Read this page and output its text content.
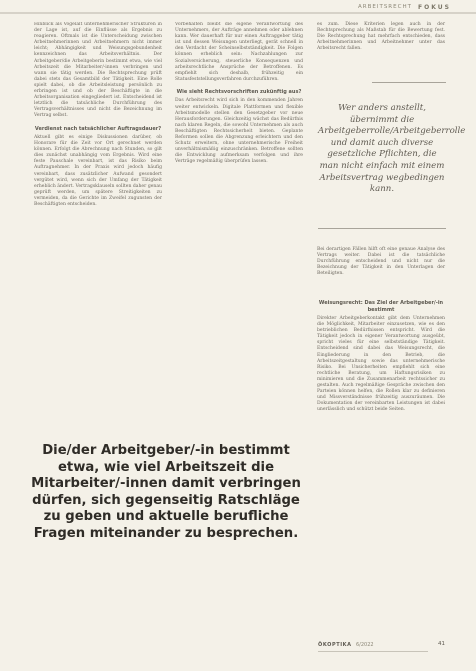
ARBEITSRECHT FOKUS

Hinblick als Vogelalt unternehmerischer Strukturen in der Lage ist, auf die Einflüsse als Ergebnis zu reagieren. Oftmals ist die Unterscheidung zwischen Arbeitnehmerinnen und Arbeitnehmern nicht immer leicht; Abhängigkeit und Weisungsgebundenheit kennzeichnen das Arbeitsverhältnis. Der Arbeitgeber/die Arbeitgeberin bestimmt etwa, wie viel Arbeitszeit die Mitarbeiter/-innen verbringen und wann sie tätig werden. Die Rechtsprechung prüft dabei stets das Gesamtbild der Tätigkeit. Eine Rolle spielt dabei, ob die Arbeitsleistung persönlich zu erbringen ist und ob der Beschäftigte in die Arbeitsorganisation eingegliedert ist. Entscheidend ist letztlich die tatsächliche Durchführung des Vertragsverhältnisses und nicht die Bezeichnung im Vertrag selbst.

Verdienst nach tatsächlicher Auftragsdauer?

Aktuell gibt es einige Diskussionen darüber, ob Honorare für die Zeit vor Ort gerechnet werden können. Erfolgt die Abrechnung nach Stunden, so gilt dies zunächst unabhängig vom Ergebnis. Wird eine feste Pauschale vereinbart, ist das Risiko beim Auftragnehmer. In der Praxis wird jedoch häufig vereinbart, dass zusätzlicher Aufwand gesondert vergütet wird, wenn sich der Umfang der Tätigkeit erheblich ändert. Vertragsklauseln sollten daher genau geprüft werden, um spätere Streitigkeiten zu vermeiden, da die Gerichte im Zweifel zugunsten der Beschäftigten entscheiden.

Vorbehalten bleibt die eigene Verantwortung des Unternehmers, der Aufträge annehmen oder ablehnen kann. Wer dauerhaft für nur einen Auftraggeber tätig ist und dessen Weisungen unterliegt, gerät schnell in den Verdacht der Scheinselbstständigkeit. Die Folgen können erheblich sein: Nachzahlungen zur Sozialversicherung, steuerliche Konsequenzen und arbeitsrechtliche Ansprüche der Betroffenen. Es empfiehlt sich deshalb, frühzeitig ein Statusfeststellungsverfahren durchzuführen.

Wie sieht Rechtsvorschriften zukünftig aus?

Das Arbeitsrecht wird sich in den kommenden Jahren weiter entwickeln. Digitale Plattformen und flexible Arbeitsmodelle stellen den Gesetzgeber vor neue Herausforderungen. Gleichzeitig wächst das Bedürfnis nach klaren Regeln, die sowohl Unternehmen als auch Beschäftigten Rechtssicherheit bieten. Geplante Reformen sollen die Abgrenzung erleichtern und den Schutz erweitern, ohne unternehmerische Freiheit unverhältnismäßig einzuschränken. Betroffene sollten die Entwicklung aufmerksam verfolgen und ihre Verträge regelmäßig überprüfen lassen.

es zum. Diese Kriterien legen auch in der Rechtsprechung als Maßstab für die Bewertung fest. Die Rechtsprechung hat mehrfach entschieden, dass Arbeitnehmerinnen und Arbeitnehmer unter das Arbeitsrecht fallen.
Wer anders anstellt, übernimmt die Arbeitgeberrolle/Arbeitgeberrolle und damit auch diverse gesetzliche Pflichten, die man nicht einfach mit einem Arbeitsvertrag wegbedingen kann.
Bei derartigen Fällen hilft oft eine genaue Analyse des Vertrags weiter. Dabei ist die tatsächliche Durchführung entscheidend und nicht nur die Bezeichnung der Tätigkeit in den Unterlagen der Beteiligten.
Weisungsrecht: Das Ziel der Arbeitgeber/-in bestimmt

Direkter Arbeitgeberkontakt gibt dem Unternehmen die Möglichkeit, Mitarbeiter einzusetzen, wie es den betrieblichen Bedürfnissen entspricht. Wird die Tätigkeit jedoch in eigener Verantwortung ausgeübt, spricht vieles für eine selbstständige Tätigkeit. Entscheidend sind dabei das Weisungsrecht, die Eingliederung in den Betrieb, die Arbeitszeitgestaltung sowie das unternehmerische Risiko. Bei Unsicherheiten empfiehlt sich eine rechtliche Beratung, um Haftungsrisiken zu minimieren und die Zusammenarbeit rechtssicher zu gestalten. Auch regelmäßige Gespräche zwischen den Parteien können helfen, die Rollen klar zu definieren und Missverständnisse frühzeitig auszuräumen. Die Dokumentation der vereinbarten Leistungen ist dabei unerlässlich und schützt beide Seiten.

Die/der Arbeitgeber/-in bestimmt etwa, wie viel Arbeitszeit die Mitarbeiter/-innen damit verbringen dürfen, sich gegenseitig Ratschläge zu geben und aktuelle berufliche Fragen miteinander zu besprechen.
ÖKOPTIKA 6/2022	41
